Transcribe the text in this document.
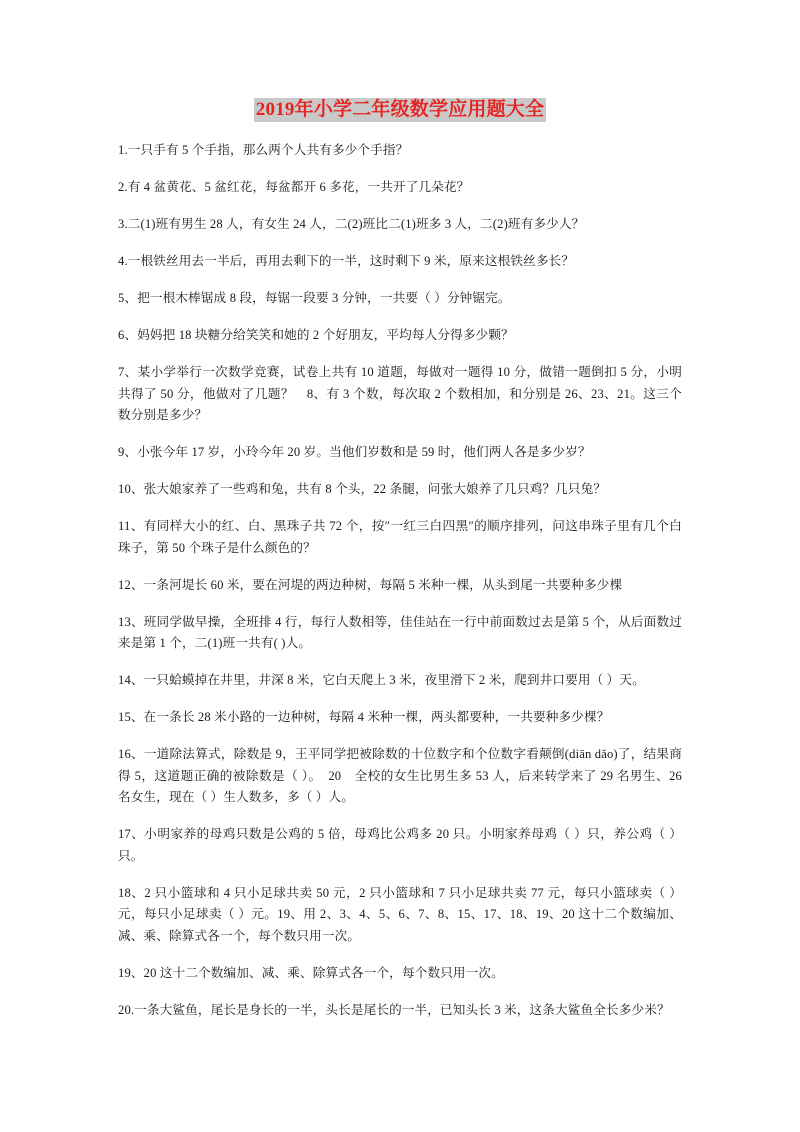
2019年小学二年级数学应用题大全

1.一只手有 5 个手指，那么两个人共有多少个手指？

2.有 4 盆黄花、5 盆红花，每盆都开 6 多花，一共开了几朵花？

3.二(1)班有男生 28 人，有女生 24 人，二(2)班比二(1)班多 3 人，二(2)班有多少人？

4.一根铁丝用去一半后，再用去剩下的一半，这时剩下 9 米，原来这根铁丝多长？

5、把一根木棒锯成 8 段，每锯一段要 3 分钟，一共要（ ）分钟锯完。

6、妈妈把 18 块糖分给笑笑和她的 2 个好朋友，平均每人分得多少颗？

7、某小学举行一次数学竞赛，试卷上共有 10 道题，每做对一题得 10 分，做错一题倒扣 5 分，小明共得了 50 分，他做对了几题？　8、有 3 个数，每次取 2 个数相加，和分别是 26、23、21。这三个数分别是多少？

9、小张今年 17 岁，小玲今年 20 岁。当他们岁数和是 59 时，他们两人各是多少岁？

10、张大娘家养了一些鸡和兔，共有 8 个头，22 条腿，问张大娘养了几只鸡？几只兔？

11、有同样大小的红、白、黑珠子共 72 个，按″一红三白四黑″的顺序排列，问这串珠子里有几个白珠子，第 50 个珠子是什么颜色的？

12、一条河堤长 60 米，要在河堤的两边种树，每隔 5 米种一棵，从头到尾一共要种多少棵

13、班同学做早操，全班排 4 行，每行人数相等，佳佳站在一行中前面数过去是第 5 个，从后面数过来是第 1 个，二(1)班一共有( )人。

14、一只蛤蟆掉在井里，井深 8 米，它白天爬上 3 米，夜里滑下 2 米，爬到井口要用（ ）天。

15、在一条长 28 米小路的一边种树，每隔 4 米种一棵，两头都要种，一共要种多少棵？

16、一道除法算式，除数是 9，王平同学把被除数的十位数字和个位数字看颠倒(diān dǎo)了，结果商得 5，这道题正确的被除数是（ ）。　20　全校的女生比男生多 53 人，后来转学来了 29 名男生、26 名女生，现在（ ）生人数多，多（ ）人。

17、小明家养的母鸡只数是公鸡的 5 倍，母鸡比公鸡多 20 只。小明家养母鸡（ ）只，养公鸡（ ）只。

18、2 只小篮球和 4 只小足球共卖 50 元，2 只小篮球和 7 只小足球共卖 77 元，每只小篮球卖（ ）元，每只小足球卖（ ）元。19、用 2、3、4、5、6、7、8、15、17、18、19、20 这十二个数编加、减、乘、除算式各一个，每个数只用一次。

19、20 这十二个数编加、减、乘、除算式各一个，每个数只用一次。

20.一条大鲨鱼，尾长是身长的一半，头长是尾长的一半，已知头长 3 米，这条大鲨鱼全长多少米？
